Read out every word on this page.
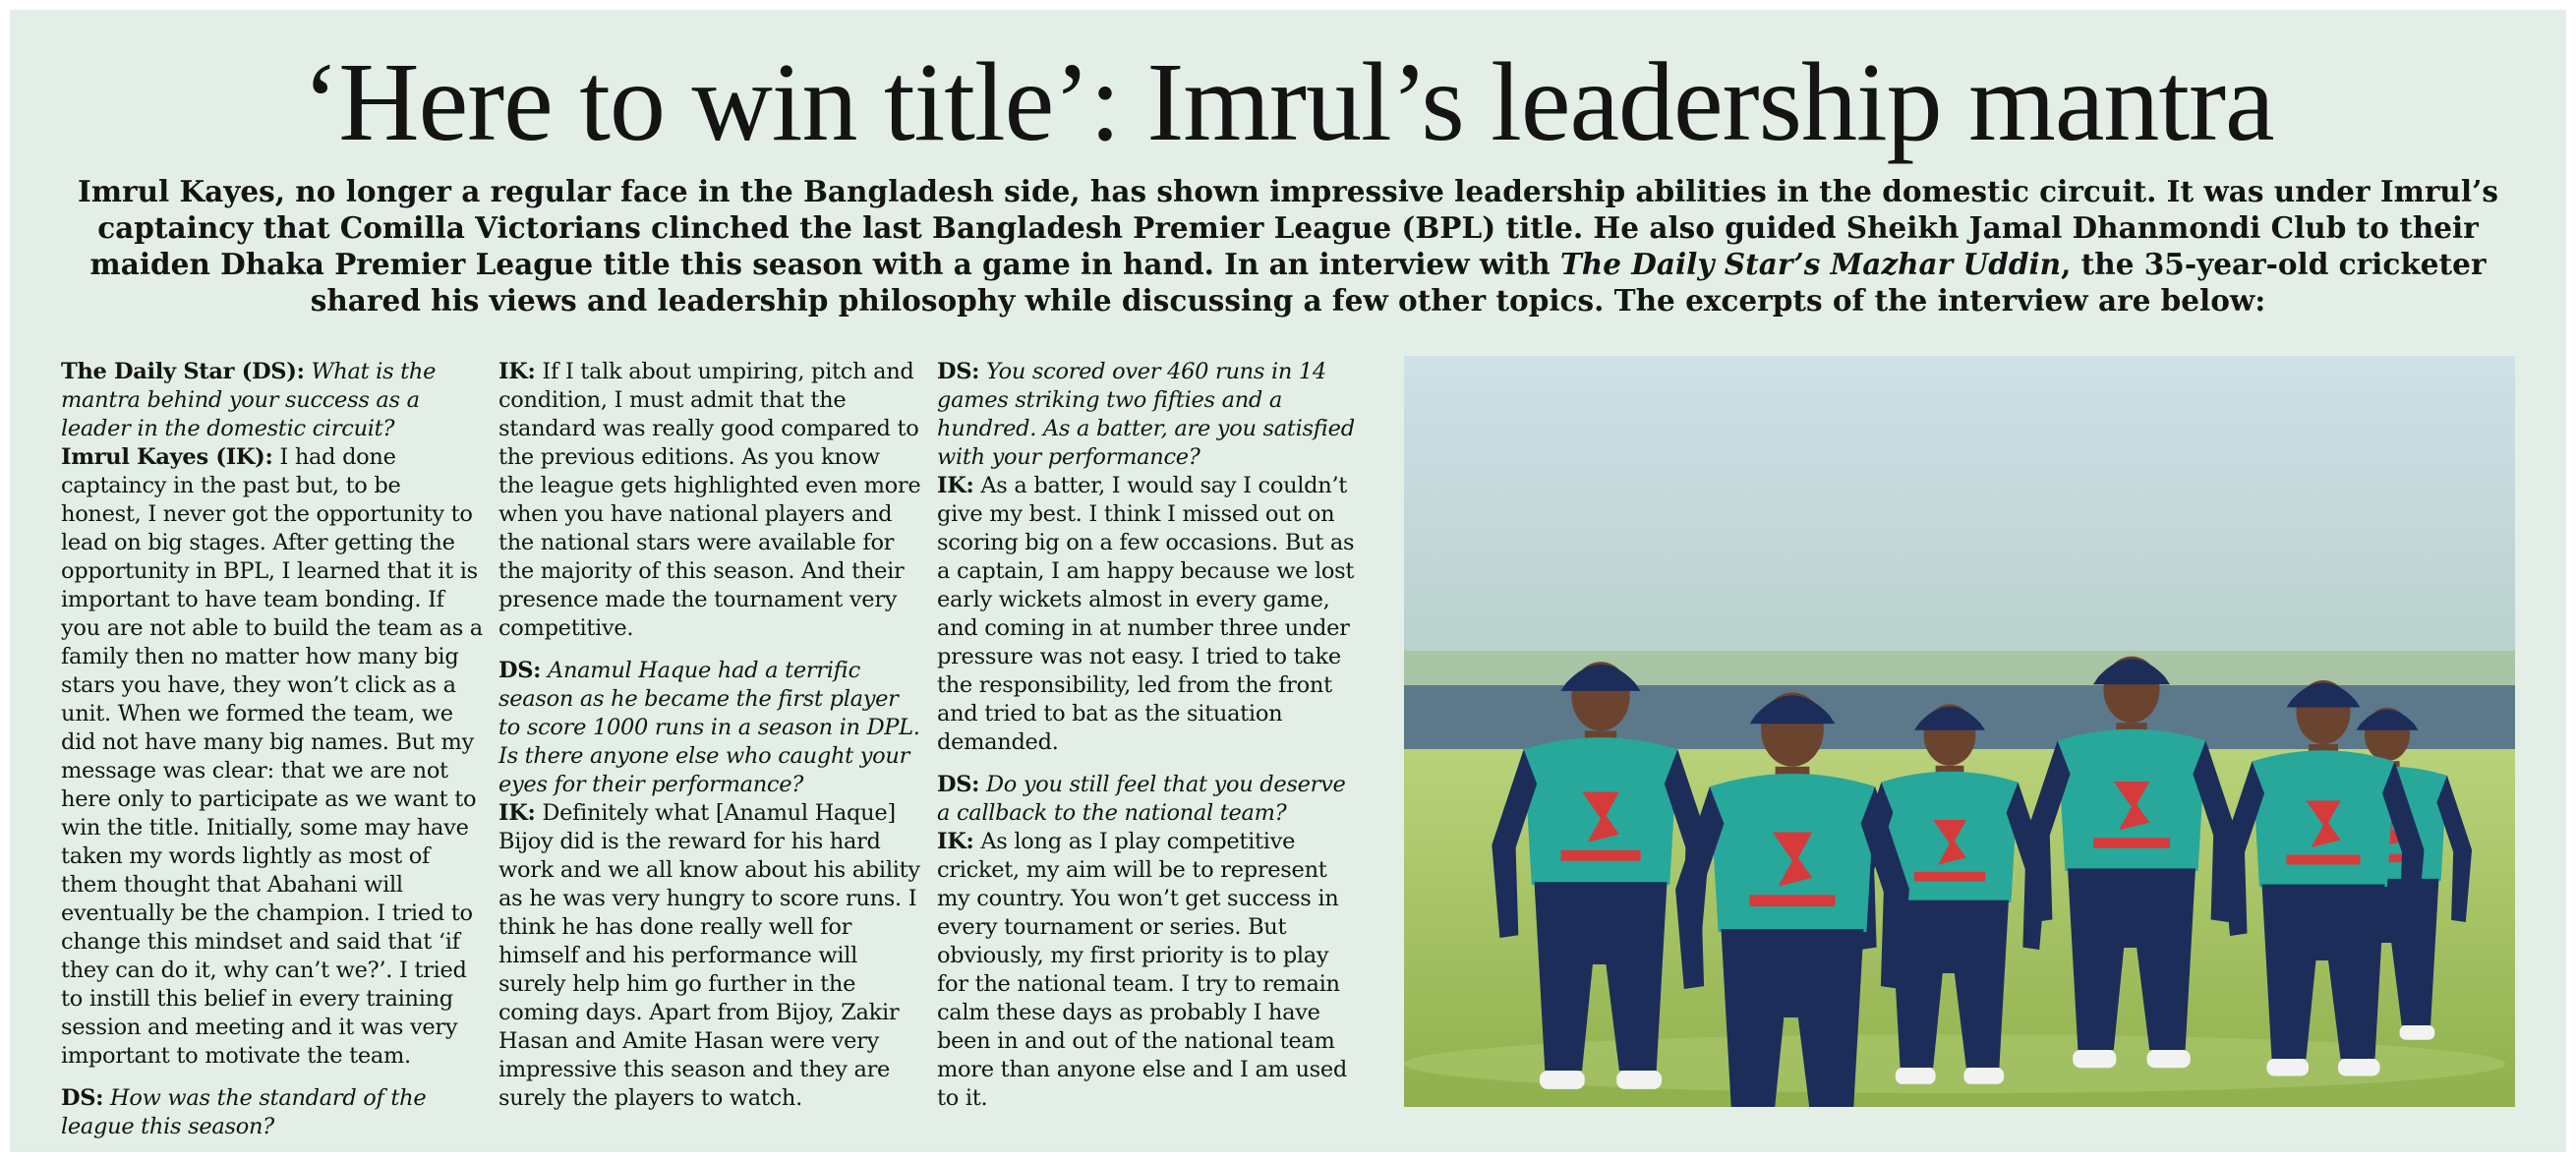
‘Here to win title’: Imrul’s leadership mantra

Imrul Kayes, no longer a regular face in the Bangladesh side, has shown impressive leadership abilities in the domestic circuit. It was under Imrul’s captaincy that Comilla Victorians clinched the last Bangladesh Premier League (BPL) title. He also guided Sheikh Jamal Dhanmondi Club to their maiden Dhaka Premier League title this season with a game in hand. In an interview with The Daily Star’s Mazhar Uddin, the 35-year-old cricketer shared his views and leadership philosophy while discussing a few other topics. The excerpts of the interview are below:

The Daily Star (DS): What is the mantra behind your success as a leader in the domestic circuit?
Imrul Kayes (IK): I had done captaincy in the past but, to be honest, I never got the opportunity to lead on big stages. After getting the opportunity in BPL, I learned that it is important to have team bonding. If you are not able to build the team as a family then no matter how many big stars you have, they won’t click as a unit. When we formed the team, we did not have many big names. But my message was clear: that we are not here only to participate as we want to win the title. Initially, some may have taken my words lightly as most of them thought that Abahani will eventually be the champion. I tried to change this mindset and said that ‘if they can do it, why can’t we?’. I tried to instill this belief in every training session and meeting and it was very important to motivate the team.

DS: How was the standard of the league this season?

IK: If I talk about umpiring, pitch and condition, I must admit that the standard was really good compared to the previous editions. As you know the league gets highlighted even more when you have national players and the national stars were available for the majority of this season. And their presence made the tournament very competitive.

DS: Anamul Haque had a terrific season as he became the first player to score 1000 runs in a season in DPL. Is there anyone else who caught your eyes for their performance?
IK: Definitely what [Anamul Haque] Bijoy did is the reward for his hard work and we all know about his ability as he was very hungry to score runs. I think he has done really well for himself and his performance will surely help him go further in the coming days. Apart from Bijoy, Zakir Hasan and Amite Hasan were very impressive this season and they are surely the players to watch.

DS: You scored over 460 runs in 14 games striking two fifties and a hundred. As a batter, are you satisfied with your performance?
IK: As a batter, I would say I couldn’t give my best. I think I missed out on scoring big on a few occasions. But as a captain, I am happy because we lost early wickets almost in every game, and coming in at number three under pressure was not easy. I tried to take the responsibility, led from the front and tried to bat as the situation demanded.

DS: Do you still feel that you deserve a callback to the national team?
IK: As long as I play competitive cricket, my aim will be to represent my country. You won’t get success in every tournament or series. But obviously, my first priority is to play for the national team. I try to remain calm these days as probably I have been in and out of the national team more than anyone else and I am used to it.
